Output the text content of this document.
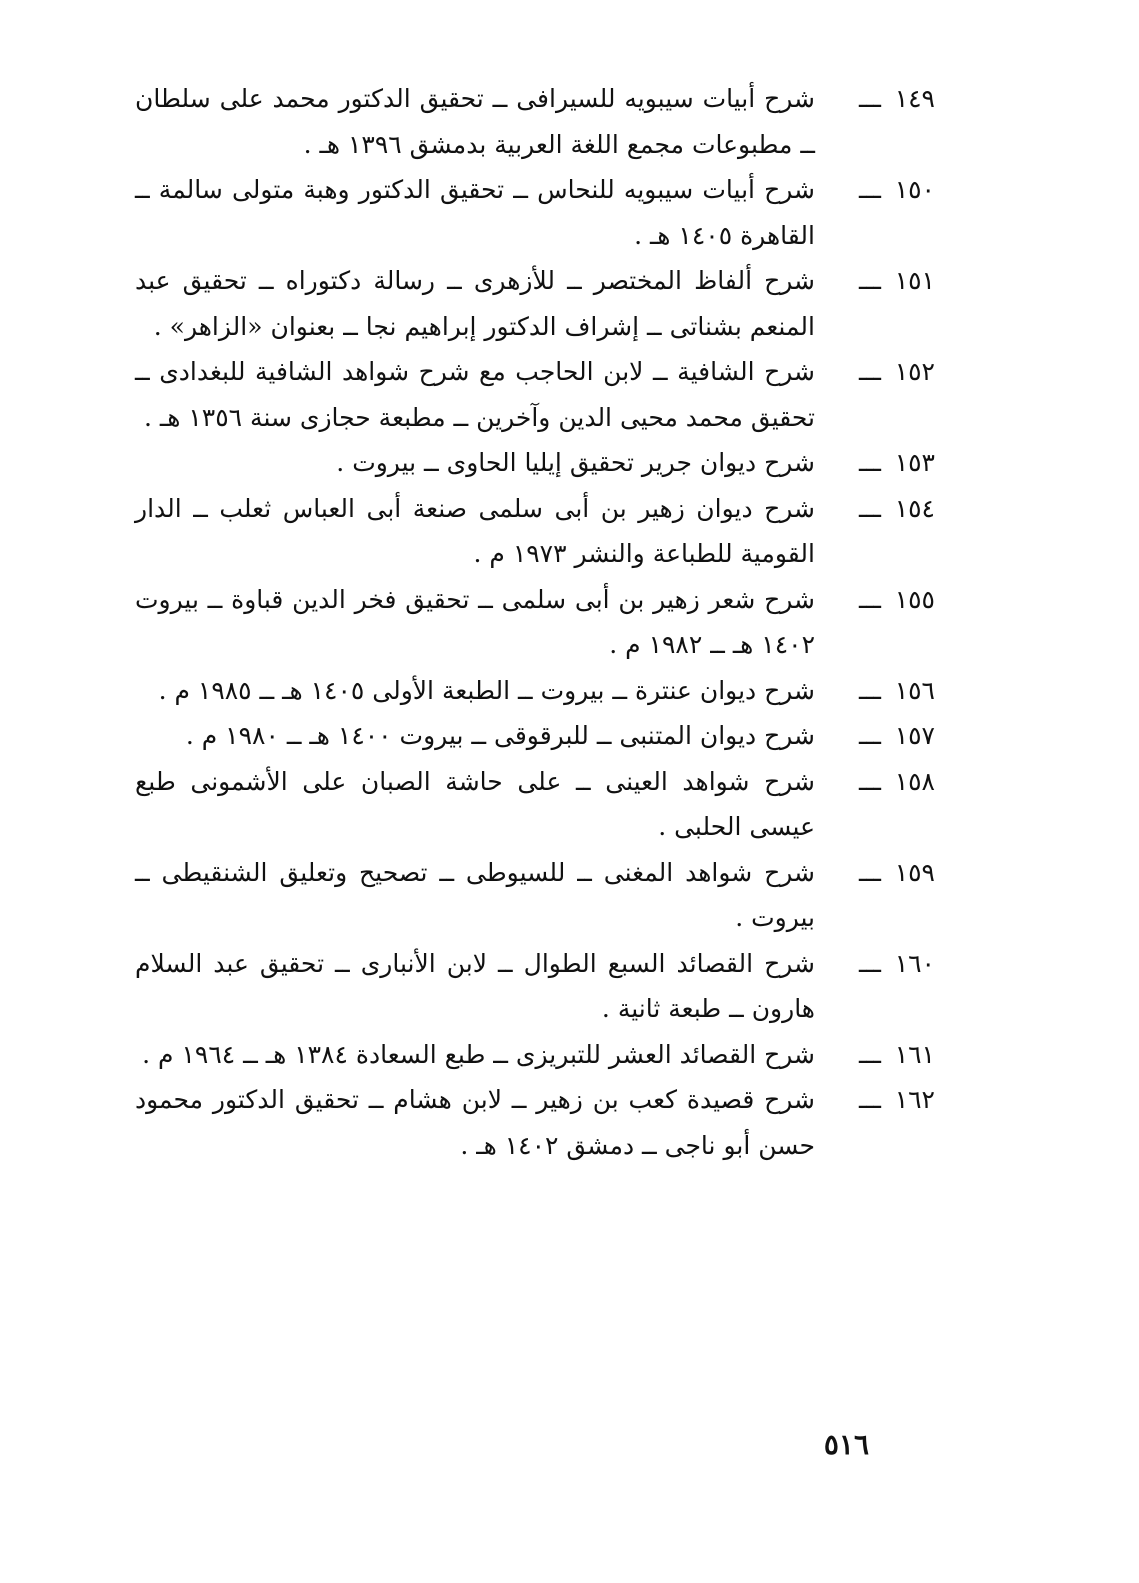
١٤٩
ـــ
شرح أبيات سيبويه للسيرافى ــ تحقيق الدكتور محمد على سلطان ــ مطبوعات مجمع اللغة العربية بدمشق ١٣٩٦ هـ .
١٥٠
ـــ
شرح أبيات سيبويه للنحاس ــ تحقيق الدكتور وهبة متولى سالمة ــ القاهرة ١٤٠٥ هـ .
١٥١
ـــ
شرح ألفاظ المختصر ــ للأزهرى ــ رسالة دكتوراه ــ تحقيق عبد المنعم بشناتى ــ إشراف الدكتور إبراهيم نجا ــ بعنوان «الزاهر» .
١٥٢
ـــ
شرح الشافية ــ لابن الحاجب مع شرح شواهد الشافية للبغدادى ــ تحقيق محمد محيى الدين وآخرين ــ مطبعة حجازى سنة ١٣٥٦ هـ .
١٥٣
ـــ
شرح ديوان جرير تحقيق إيليا الحاوى ــ بيروت .
١٥٤
ـــ
شرح ديوان زهير بن أبى سلمى صنعة أبى العباس ثعلب ــ الدار القومية للطباعة والنشر ١٩٧٣ م .
١٥٥
ـــ
شرح شعر زهير بن أبى سلمى ــ تحقيق فخر الدين قباوة ــ بيروت ١٤٠٢ هـ ــ ١٩٨٢ م .
١٥٦
ـــ
شرح ديوان عنترة ــ بيروت ــ الطبعة الأولى ١٤٠٥ هـ ــ ١٩٨٥ م .
١٥٧
ـــ
شرح ديوان المتنبى ــ للبرقوقى ــ بيروت ١٤٠٠ هـ ــ ١٩٨٠ م .
١٥٨
ـــ
شرح شواهد العينى ــ على حاشة الصبان على الأشمونى طبع عيسى الحلبى .
١٥٩
ـــ
شرح شواهد المغنى ــ للسيوطى ــ تصحيح وتعليق الشنقيطى ــ بيروت .
١٦٠
ـــ
شرح القصائد السبع الطوال ــ لابن الأنبارى ــ تحقيق عبد السلام هارون ــ طبعة ثانية .
١٦١
ـــ
شرح القصائد العشر للتبريزى ــ طبع السعادة ١٣٨٤ هـ ــ ١٩٦٤ م .
١٦٢
ـــ
شرح قصيدة كعب بن زهير ــ لابن هشام ــ تحقيق الدكتور محمود حسن أبو ناجى ــ دمشق ١٤٠٢ هـ .
٥١٦
